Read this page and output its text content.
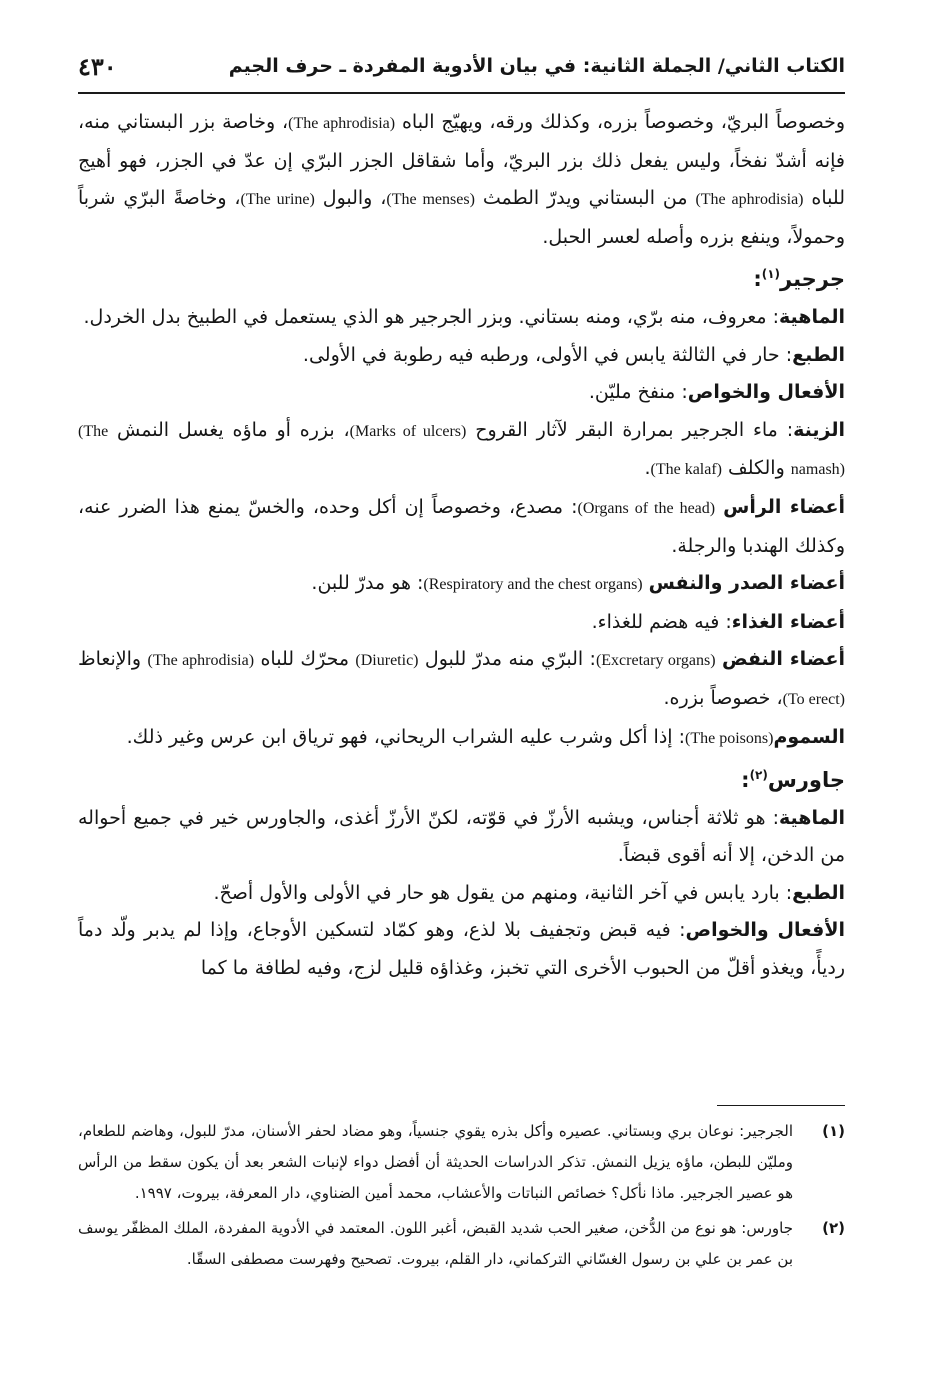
٤٣٠	الكتاب الثاني/ الجملة الثانية: في بيان الأدوية المفردة ـ حرف الجيم

وخصوصاً البريّ، وخصوصاً بزره، وكذلك ورقه، ويهيّج الباه (The aphrodisia)، وخاصة بزر البستاني منه، فإنه أشدّ نفخاً، وليس يفعل ذلك بزر البريّ، وأما شقاقل الجزر البرّي إن عدّ في الجزر، فهو أهيج للباه (The aphrodisia) من البستاني ويدرّ الطمث (The menses)، والبول (The urine)، وخاصةً البرّي شرباً وحمولاً، وينفع بزره وأصله لعسر الحبل.

جرجير$^{(١)}$:

الماهية: معروف، منه برّي، ومنه بستاني. وبزر الجرجير هو الذي يستعمل في الطبيخ بدل الخردل.

الطبع: حار في الثالثة يابس في الأولى، ورطبه فيه رطوبة في الأولى.

الأفعال والخواص: منفخ مليّن.

الزينة: ماء الجرجير بمرارة البقر لآثار القروح (Marks of ulcers)، بزره أو ماؤه يغسل النمش (The namash) والكلف (The kalaf).

أعضاء الرأس (Organs of the head): مصدع، وخصوصاً إن أكل وحده، والخسّ يمنع هذا الضرر عنه، وكذلك الهندبا والرجلة.

أعضاء الصدر والنفس (Respiratory and the chest organs): هو مدرّ للبن.

أعضاء الغذاء: فيه هضم للغذاء.

أعضاء النفض (Excretary organs): البرّي منه مدرّ للبول (Diuretic) محرّك للباه (The aphrodisia) والإنعاظ (To erect)، خصوصاً بزره.

السموم(The poisons): إذا أكل وشرب عليه الشراب الريحاني، فهو ترياق ابن عرس وغير ذلك.

جاورس$^{(٢)}$:

الماهية: هو ثلاثة أجناس، ويشبه الأرزّ في قوّته، لكنّ الأرزّ أغذى، والجاورس خير في جميع أحواله من الدخن، إلا أنه أقوى قبضاً.

الطبع: بارد يابس في آخر الثانية، ومنهم من يقول هو حار في الأولى والأول أصحّ.

الأفعال والخواص: فيه قبض وتجفيف بلا لذع، وهو كمّاد لتسكين الأوجاع، وإذا لم يدبر ولّد دماً رديأً، ويغذو أقلّ من الحبوب الأخرى التي تخبز، وغذاؤه قليل لزج، وفيه لطافة ما كما

(١)
الجرجير: نوعان بري وبستاني. عصيره وأكل بذره يقوي جنسياً، وهو مضاد لحفر الأسنان، مدرّ للبول، وهاضم للطعام، ومليّن للبطن، ماؤه يزيل النمش. تذكر الدراسات الحديثة أن أفضل دواء لإنبات الشعر بعد أن يكون سقط من الرأس هو عصير الجرجير. ماذا نأكل؟ خصائص النباتات والأعشاب، محمد أمين الضناوي، دار المعرفة، بيروت، ١٩٩٧.
(٢)
جاورس: هو نوع من الدُّخن، صغير الحب شديد القبض، أغبر اللون. المعتمد في الأدوية المفردة، الملك المظفّر يوسف بن عمر بن علي بن رسول الغسّاني التركماني، دار القلم، بيروت. تصحيح وفهرست مصطفى السقّا.
